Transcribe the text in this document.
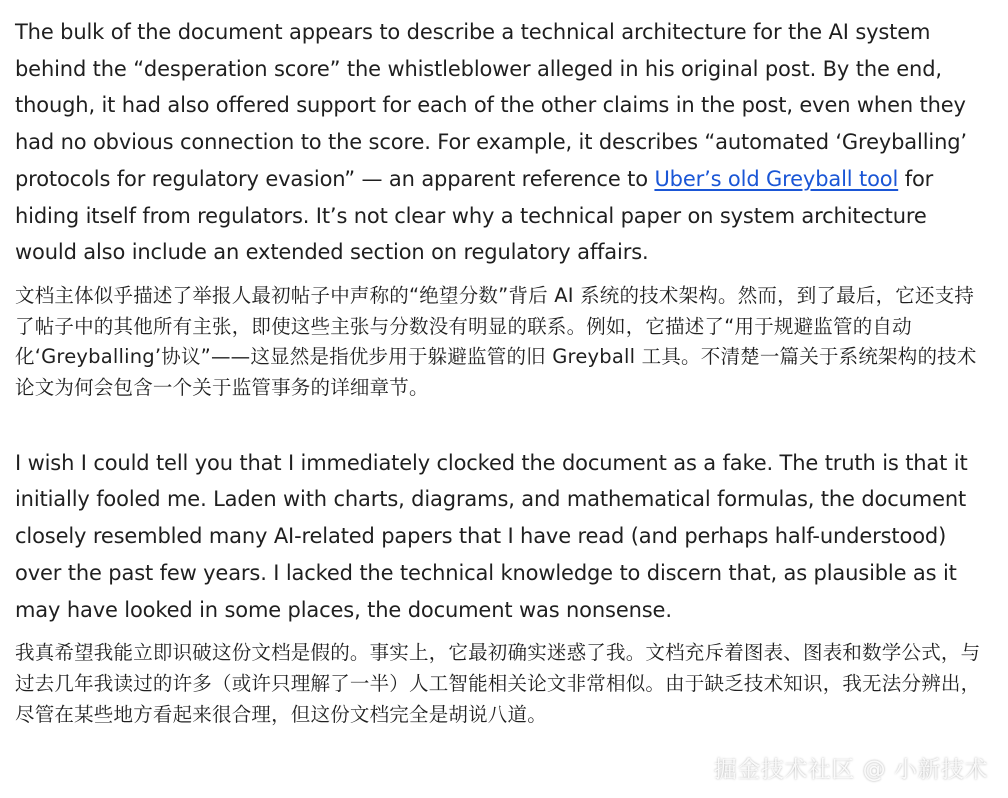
The bulk of the document appears to describe a technical architecture for the AI system behind the “desperation score” the whistleblower alleged in his original post. By the end, though, it had also offered support for each of the other claims in the post, even when they had no obvious connection to the score. For example, it describes “automated ‘Greyballing’ protocols for regulatory evasion” — an apparent reference to Uber’s old Greyball tool for hiding itself from regulators. It’s not clear why a technical paper on system architecture would also include an extended section on regulatory affairs.

文档主体似乎描述了举报人最初帖子中声称的“绝望分数”背后 AI 系统的技术架构。然而，到了最后，它还支持了帖子中的其他所有主张，即使这些主张与分数没有明显的联系。例如，它描述了“用于规避监管的自动化‘Greyballing’协议”——这显然是指优步用于躲避监管的旧 Greyball 工具。不清楚一篇关于系统架构的技术论文为何会包含一个关于监管事务的详细章节。

I wish I could tell you that I immediately clocked the document as a fake. The truth is that it initially fooled me. Laden with charts, diagrams, and mathematical formulas, the document closely resembled many AI-related papers that I have read (and perhaps half-understood) over the past few years. I lacked the technical knowledge to discern that, as plausible as it may have looked in some places, the document was nonsense.

我真希望我能立即识破这份文档是假的。事实上，它最初确实迷惑了我。文档充斥着图表、图表和数学公式，与过去几年我读过的许多（或许只理解了一半）人工智能相关论文非常相似。由于缺乏技术知识，我无法分辨出，尽管在某些地方看起来很合理，但这份文档完全是胡说八道。

掘金技术社区 @ 小新技术
